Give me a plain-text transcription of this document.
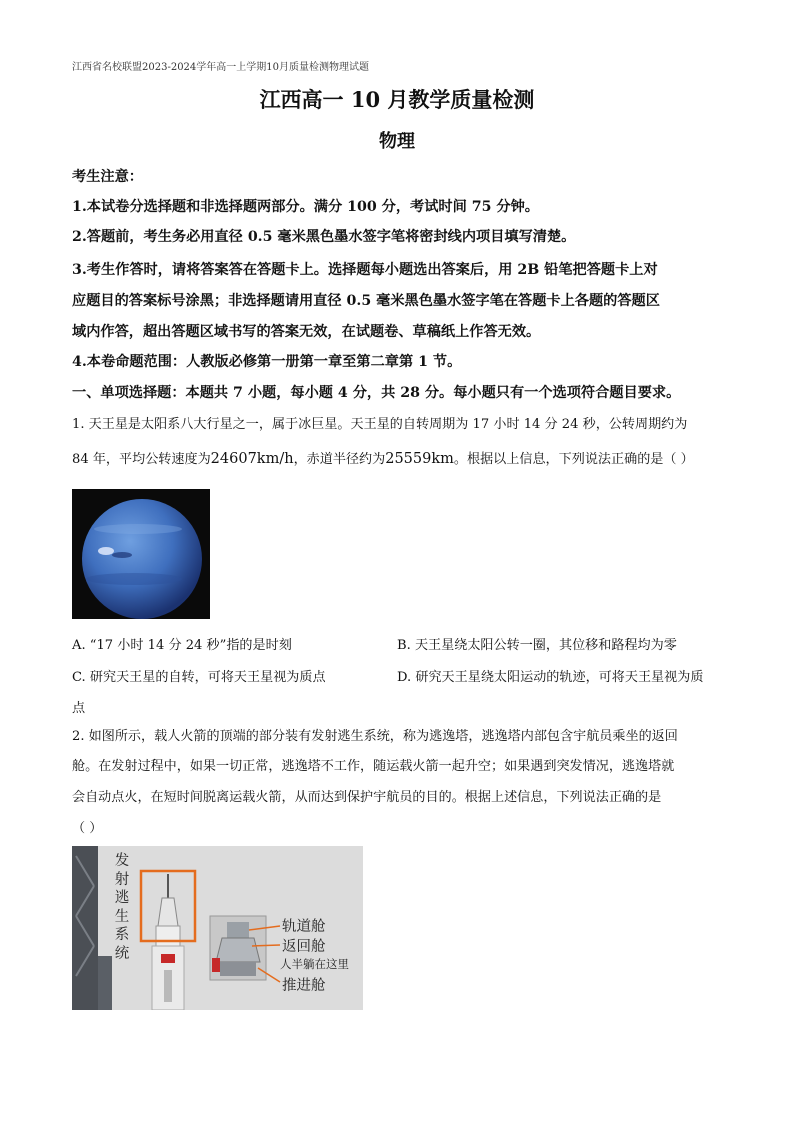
江西省名校联盟2023-2024学年高一上学期10月质量检测物理试题
江西高一 10 月教学质量检测
物理
考生注意：
1.本试卷分选择题和非选择题两部分。满分 100 分，考试时间 75 分钟。
2.答题前，考生务必用直径 0.5 毫米黑色墨水签字笔将密封线内项目填写清楚。
3.考生作答时，请将答案答在答题卡上。选择题每小题选出答案后，用 2B 铅笔把答题卡上对
应题目的答案标号涂黑；非选择题请用直径 0.5 毫米黑色墨水签字笔在答题卡上各题的答题区
域内作答，超出答题区域书写的答案无效，在试题卷、草稿纸上作答无效。
4.本卷命题范围：人教版必修第一册第一章至第二章第 1 节。
一、单项选择题：本题共 7 小题，每小题 4 分，共 28 分。每小题只有一个选项符合题目要求。
1. 天王星是太阳系八大行星之一，属于冰巨星。天王星的自转周期为 17 小时 14 分 24 秒，公转周期约为
84 年，平均公转速度为24607km/h，赤道半径约为25559km。根据以上信息，下列说法正确的是（ ）
A. “17 小时 14 分 24 秒”指的是时刻	B. 天王星绕太阳公转一圈，其位移和路程均为零
C. 研究天王星的自转，可将天王星视为质点	D. 研究天王星绕太阳运动的轨迹，可将天王星视为质
点
2. 如图所示，载人火箭的顶端的部分装有发射逃生系统，称为逃逸塔，逃逸塔内部包含宇航员乘坐的返回
舱。在发射过程中，如果一切正常，逃逸塔不工作，随运载火箭一起升空；如果遇到突发情况，逃逸塔就
会自动点火，在短时间脱离运载火箭，从而达到保护宇航员的目的。根据上述信息，下列说法正确的是
（ ）
发
射
逃
生
系
统
轨道舱
返回舱
人半躺在这里
推进舱
